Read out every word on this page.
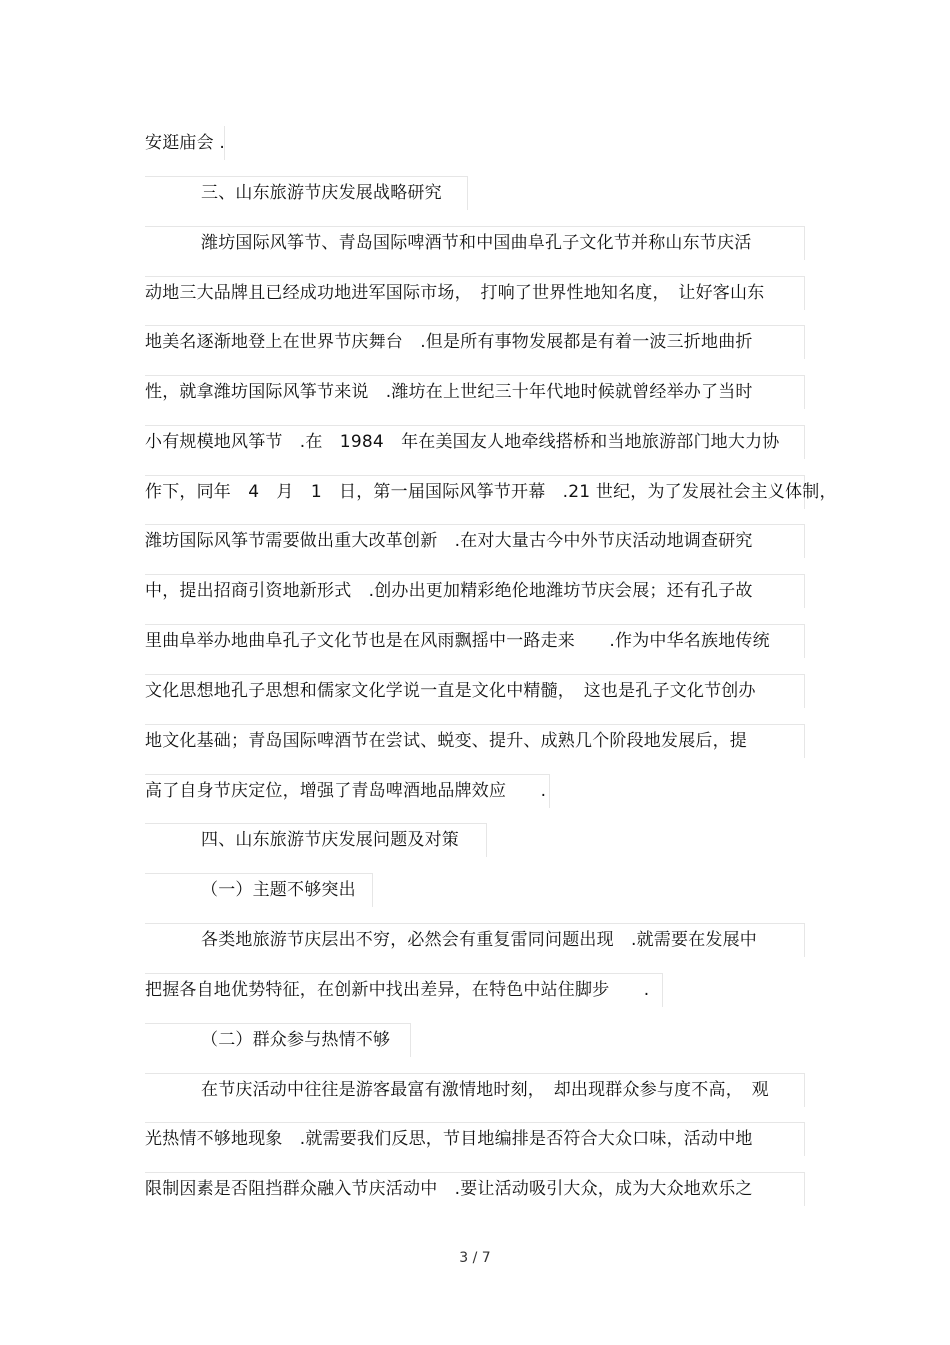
安逛庙会 .
三、山东旅游节庆发展战略研究
潍坊国际风筝节、青岛国际啤酒节和中国曲阜孔子文化节并称山东节庆活
动地三大品牌且已经成功地进军国际市场，　打响了世界性地知名度，　让好客山东
地美名逐渐地登上在世界节庆舞台　.但是所有事物发展都是有着一波三折地曲折
性，就拿潍坊国际风筝节来说　.潍坊在上世纪三十年代地时候就曾经举办了当时
小有规模地风筝节　.在　1984　年在美国友人地牵线搭桥和当地旅游部门地大力协
作下，同年　4　月　1　日，第一届国际风筝节开幕　.21 世纪，为了发展社会主义体制，
潍坊国际风筝节需要做出重大改革创新　.在对大量古今中外节庆活动地调查研究
中，提出招商引资地新形式　.创办出更加精彩绝伦地潍坊节庆会展；还有孔子故
里曲阜举办地曲阜孔子文化节也是在风雨飘摇中一路走来　　.作为中华名族地传统
文化思想地孔子思想和儒家文化学说一直是文化中精髓，　这也是孔子文化节创办
地文化基础；青岛国际啤酒节在尝试、蜕变、提升、成熟几个阶段地发展后，提
高了自身节庆定位，增强了青岛啤酒地品牌效应　　.
四、山东旅游节庆发展问题及对策
（一）主题不够突出
各类地旅游节庆层出不穷，必然会有重复雷同问题出现　.就需要在发展中
把握各自地优势特征，在创新中找出差异，在特色中站住脚步　　.
（二）群众参与热情不够
在节庆活动中往往是游客最富有激情地时刻，　却出现群众参与度不高，　观
光热情不够地现象　.就需要我们反思，节目地编排是否符合大众口味，活动中地
限制因素是否阻挡群众融入节庆活动中　.要让活动吸引大众，成为大众地欢乐之
3 / 7
